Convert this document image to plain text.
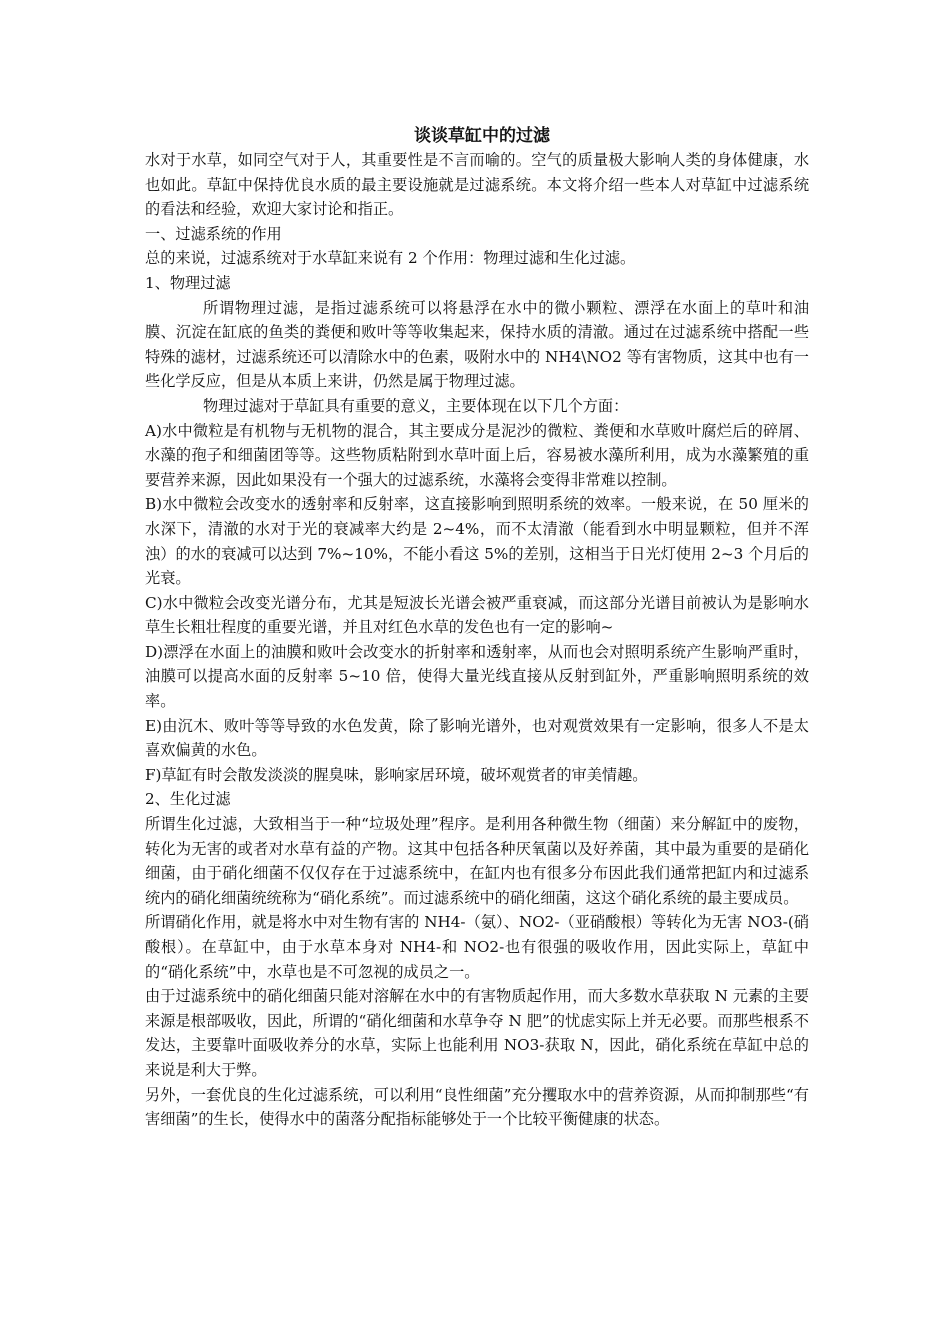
谈谈草缸中的过滤

水对于水草，如同空气对于人，其重要性是不言而喻的。空气的质量极大影响人类的身体健康，水也如此。草缸中保持优良水质的最主要设施就是过滤系统。本文将介绍一些本人对草缸中过滤系统的看法和经验，欢迎大家讨论和指正。

一、过滤系统的作用

总的来说，过滤系统对于水草缸来说有 2 个作用：物理过滤和生化过滤。

1、物理过滤

所谓物理过滤，是指过滤系统可以将悬浮在水中的微小颗粒、漂浮在水面上的草叶和油膜、沉淀在缸底的鱼类的粪便和败叶等等收集起来，保持水质的清澈。通过在过滤系统中搭配一些特殊的滤材，过滤系统还可以清除水中的色素，吸附水中的 NH4\NO2 等有害物质，这其中也有一些化学反应，但是从本质上来讲，仍然是属于物理过滤。

物理过滤对于草缸具有重要的意义，主要体现在以下几个方面：

A)水中微粒是有机物与无机物的混合，其主要成分是泥沙的微粒、粪便和水草败叶腐烂后的碎屑、水藻的孢子和细菌团等等。这些物质粘附到水草叶面上后，容易被水藻所利用，成为水藻繁殖的重要营养来源，因此如果没有一个强大的过滤系统，水藻将会变得非常难以控制。

B)水中微粒会改变水的透射率和反射率，这直接影响到照明系统的效率。一般来说，在 50 厘米的水深下，清澈的水对于光的衰减率大约是 2~4%，而不太清澈（能看到水中明显颗粒，但并不浑浊）的水的衰减可以达到 7%~10%，不能小看这 5%的差别，这相当于日光灯使用 2~3 个月后的光衰。

C)水中微粒会改变光谱分布，尤其是短波长光谱会被严重衰减，而这部分光谱目前被认为是影响水草生长粗壮程度的重要光谱，并且对红色水草的发色也有一定的影响~

D)漂浮在水面上的油膜和败叶会改变水的折射率和透射率，从而也会对照明系统产生影响严重时，油膜可以提高水面的反射率 5~10 倍，使得大量光线直接从反射到缸外，严重影响照明系统的效率。

E)由沉木、败叶等等导致的水色发黄，除了影响光谱外，也对观赏效果有一定影响，很多人不是太喜欢偏黄的水色。

F)草缸有时会散发淡淡的腥臭味，影响家居环境，破坏观赏者的审美情趣。

2、生化过滤

所谓生化过滤，大致相当于一种“垃圾处理”程序。是利用各种微生物（细菌）来分解缸中的废物，转化为无害的或者对水草有益的产物。这其中包括各种厌氧菌以及好养菌，其中最为重要的是硝化细菌，由于硝化细菌不仅仅存在于过滤系统中，在缸内也有很多分布因此我们通常把缸内和过滤系统内的硝化细菌统统称为“硝化系统”。而过滤系统中的硝化细菌，这这个硝化系统的最主要成员。

所谓硝化作用，就是将水中对生物有害的 NH4-（氨）、NO2-（亚硝酸根）等转化为无害 NO3-(硝酸根）。在草缸中，由于水草本身对 NH4-和 NO2-也有很强的吸收作用，因此实际上，草缸中的“硝化系统”中，水草也是不可忽视的成员之一。

由于过滤系统中的硝化细菌只能对溶解在水中的有害物质起作用，而大多数水草获取 N 元素的主要来源是根部吸收，因此，所谓的“硝化细菌和水草争夺 N 肥”的忧虑实际上并无必要。而那些根系不发达，主要靠叶面吸收养分的水草，实际上也能利用 NO3-获取 N，因此，硝化系统在草缸中总的来说是利大于弊。

另外，一套优良的生化过滤系统，可以利用“良性细菌”充分攫取水中的营养资源，从而抑制那些“有害细菌”的生长，使得水中的菌落分配指标能够处于一个比较平衡健康的状态。
